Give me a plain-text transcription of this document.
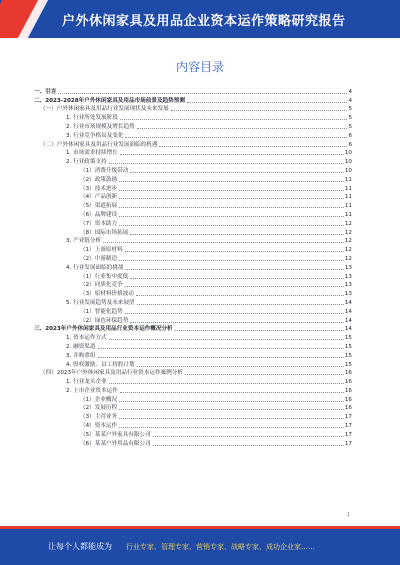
户外休闲家具及用品企业资本运作策略研究报告
内容目录
一、引言	4
二、2023-2028年户外休闲家具及用品市场前景及趋势预测	4
（一）户外休闲家具及用品行业发展现状及未来发展	5
1. 行业所处发展阶段	5
2. 行业市场规模及增长趋势	5
3. 行业竞争格局及变化	6
（二）户外休闲家具及用品行业发展面临的机遇	6
1. 市场需求持续增长	10
2. 行业政策支持	10
（1）消费升级带动	10
（2）政策鼓励	11
（3）技术进步	11
（4）产品创新	11
（5）渠道拓展	11
（6）品牌建设	11
（7）资本助力	12
（8）国际市场拓展	12
3. 产业链分析	12
（1）上游原材料	12
（2）中游制造	12
4. 行业发展面临的挑战	13
（1）行业集中度低	13
（2）同质化竞争	13
（3）原材料价格波动	13
5. 行业发展趋势及未来展望	14
（1）智能化趋势	14
（2）绿色环保趋势	14
三、2023年户外休闲家具及用品行业资本运作概况分析	14
1. 资本运作方式	15
2. 融资渠道	15
3. 并购重组	15
4. 股权激励、员工持股计划	15
（四）2023年户外休闲家具及用品行业资本运作案例分析	16
1. 行业龙头企业	16
2. 上市企业资本运作	16
（1）企业概况	16
（2）发展历程	16
（3）主营业务	17
（4）资本运作	17
（5）某某户外家具有限公司	17
（6）某某户外用品有限公司	17
1
让每个人都能成为 行业专家、管理专家、营销专家、战略专家、成功企业家……
